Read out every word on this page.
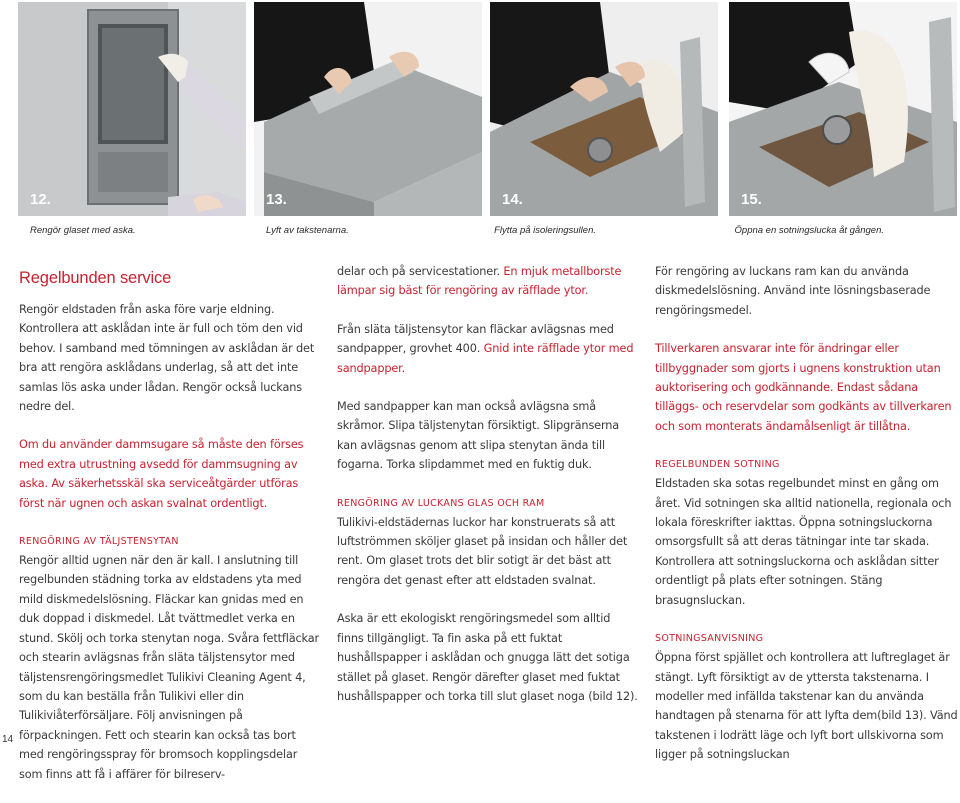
12.
Rengör glaset med aska.
13.
Lyft av takstenarna.
14.
Flytta på isoleringsullen.
15.
Öppna en sotningslucka åt gången.
Regelbunden service

Rengör eldstaden från aska före varje eldning. Kontrollera att asklådan inte är full och töm den vid behov. I samband med tömningen av asklådan är det bra att rengöra asklådans underlag, så att det inte samlas lös aska under lådan. Rengör också luckans nedre del.

Om du använder dammsugare så måste den förses med extra utrustning avsedd för dammsugning av aska. Av säkerhetsskäl ska serviceåtgärder utföras först när ugnen och askan svalnat ordentligt.

RENGÖRING AV TÄLJSTENSYTAN

Rengör alltid ugnen när den är kall. I anslutning till regelbunden städning torka av eldstadens yta med mild diskmedelslösning. Fläckar kan gnidas med en duk doppad i diskmedel. Låt tvättmedlet verka en stund. Skölj och torka stenytan noga. Svåra fettfläckar och stearin avlägsnas från släta täljstensytor med täljstensrengöringsmedlet Tulikivi Cleaning Agent 4, som du kan beställa från Tulikivi eller din Tulikiviåterförsäljare. Följ anvisningen på förpackningen. Fett och stearin kan också tas bort med rengöringsspray för bromsoch kopplingsdelar som finns att få i affärer för bilreserv-

delar och på servicestationer. En mjuk metallborste lämpar sig bäst för rengöring av räfflade ytor.

Från släta täljstensytor kan fläckar avlägsnas med sandpapper, grovhet 400. Gnid inte räfflade ytor med sandpapper.

Med sandpapper kan man också avlägsna små skråmor. Slipa täljstenytan försiktigt. Slipgränserna kan avlägsnas genom att slipa stenytan ända till fogarna. Torka slipdammet med en fuktig duk.

RENGÖRING AV LUCKANS GLAS OCH RAM

Tulikivi-eldstädernas luckor har konstruerats så att luftströmmen sköljer glaset på insidan och håller det rent. Om glaset trots det blir sotigt är det bäst att rengöra det genast efter att eldstaden svalnat.

Aska är ett ekologiskt rengöringsmedel som alltid finns tillgängligt. Ta fin aska på ett fuktat hushållspapper i asklådan och gnugga lätt det sotiga stället på glaset. Rengör därefter glaset med fuktat hushållspapper och torka till slut glaset noga (bild 12).

För rengöring av luckans ram kan du använda diskmedelslösning. Använd inte lösningsbaserade rengöringsmedel.

Tillverkaren ansvarar inte för ändringar eller tillbyggnader som gjorts i ugnens konstruktion utan auktorisering och godkännande. Endast sådana tilläggs- och reservdelar som godkänts av tillverkaren och som monterats ändamålsenligt är tillåtna.

REGELBUNDEN SOTNING

Eldstaden ska sotas regelbundet minst en gång om året. Vid sotningen ska alltid nationella, regionala och lokala föreskrifter iakttas. Öppna sotningsluckorna omsorgsfullt så att deras tätningar inte tar skada. Kontrollera att sotningsluckorna och asklådan sitter ordentligt på plats efter sotningen. Stäng brasugnsluckan.

SOTNINGSANVISNING

Öppna först spjället och kontrollera att luftreglaget är stängt. Lyft försiktigt av de yttersta takstenarna. I modeller med infällda takstenar kan du använda handtagen på stenarna för att lyfta dem(bild 13). Vänd takstenen i lodrätt läge och lyft bort ullskivorna som ligger på sotningsluckan

14
